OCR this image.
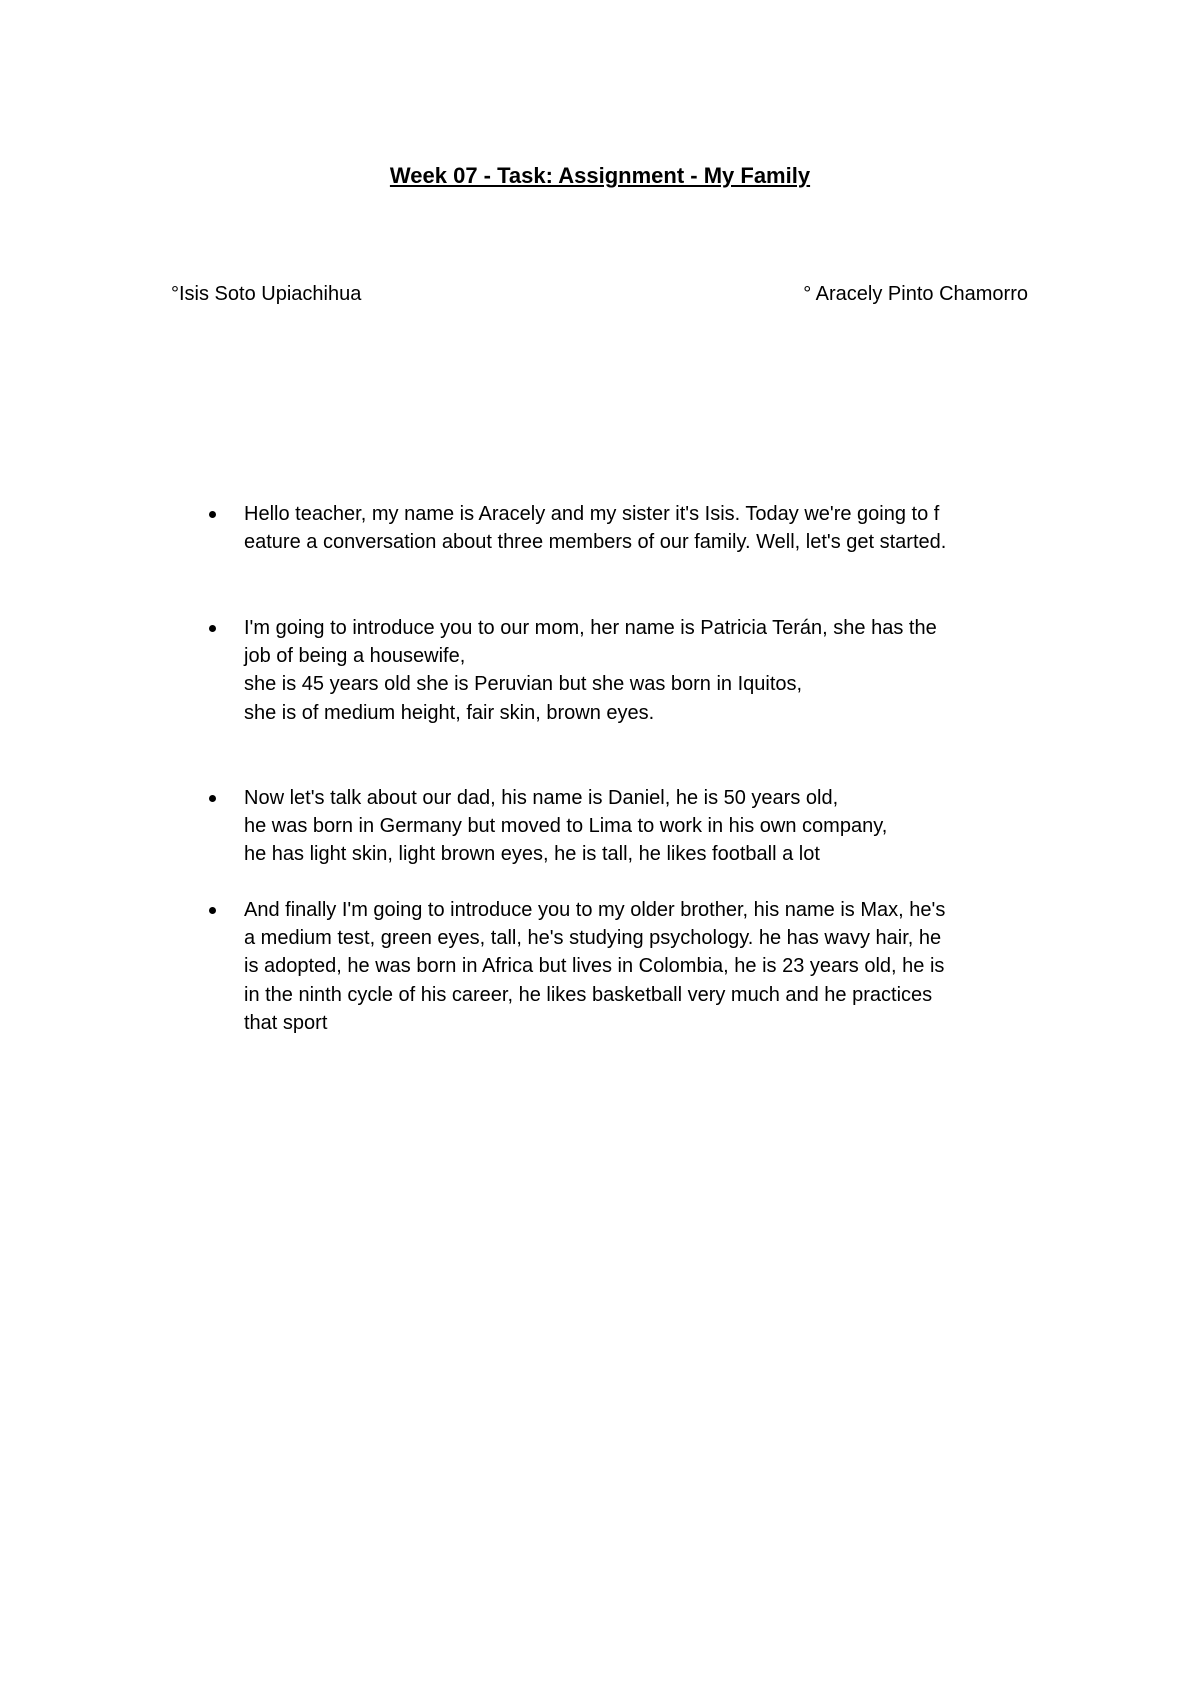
Week 07 - Task: Assignment - My Family
°Isis Soto Upiachihua	° Aracely Pinto Chamorro
Hello teacher, my name is Aracely and my sister it's Isis. Today we're going to f
eature a conversation about three members of our family. Well, let's get started.
I'm going to introduce you to our mom, her name is Patricia Terán, she has the
job of being a housewife,
she is 45 years old she is Peruvian but she was born in Iquitos,
she is of medium height, fair skin, brown eyes.
Now let's talk about our dad, his name is Daniel, he is 50 years old,
he was born in Germany but moved to Lima to work in his own company,
he has light skin, light brown eyes, he is tall, he likes football a lot
And finally I'm going to introduce you to my older brother, his name is Max, he's
a medium test, green eyes, tall, he's studying psychology. he has wavy hair, he
is adopted, he was born in Africa but lives in Colombia, he is 23 years old, he is
in the ninth cycle of his career, he likes basketball very much and he practices
that sport
